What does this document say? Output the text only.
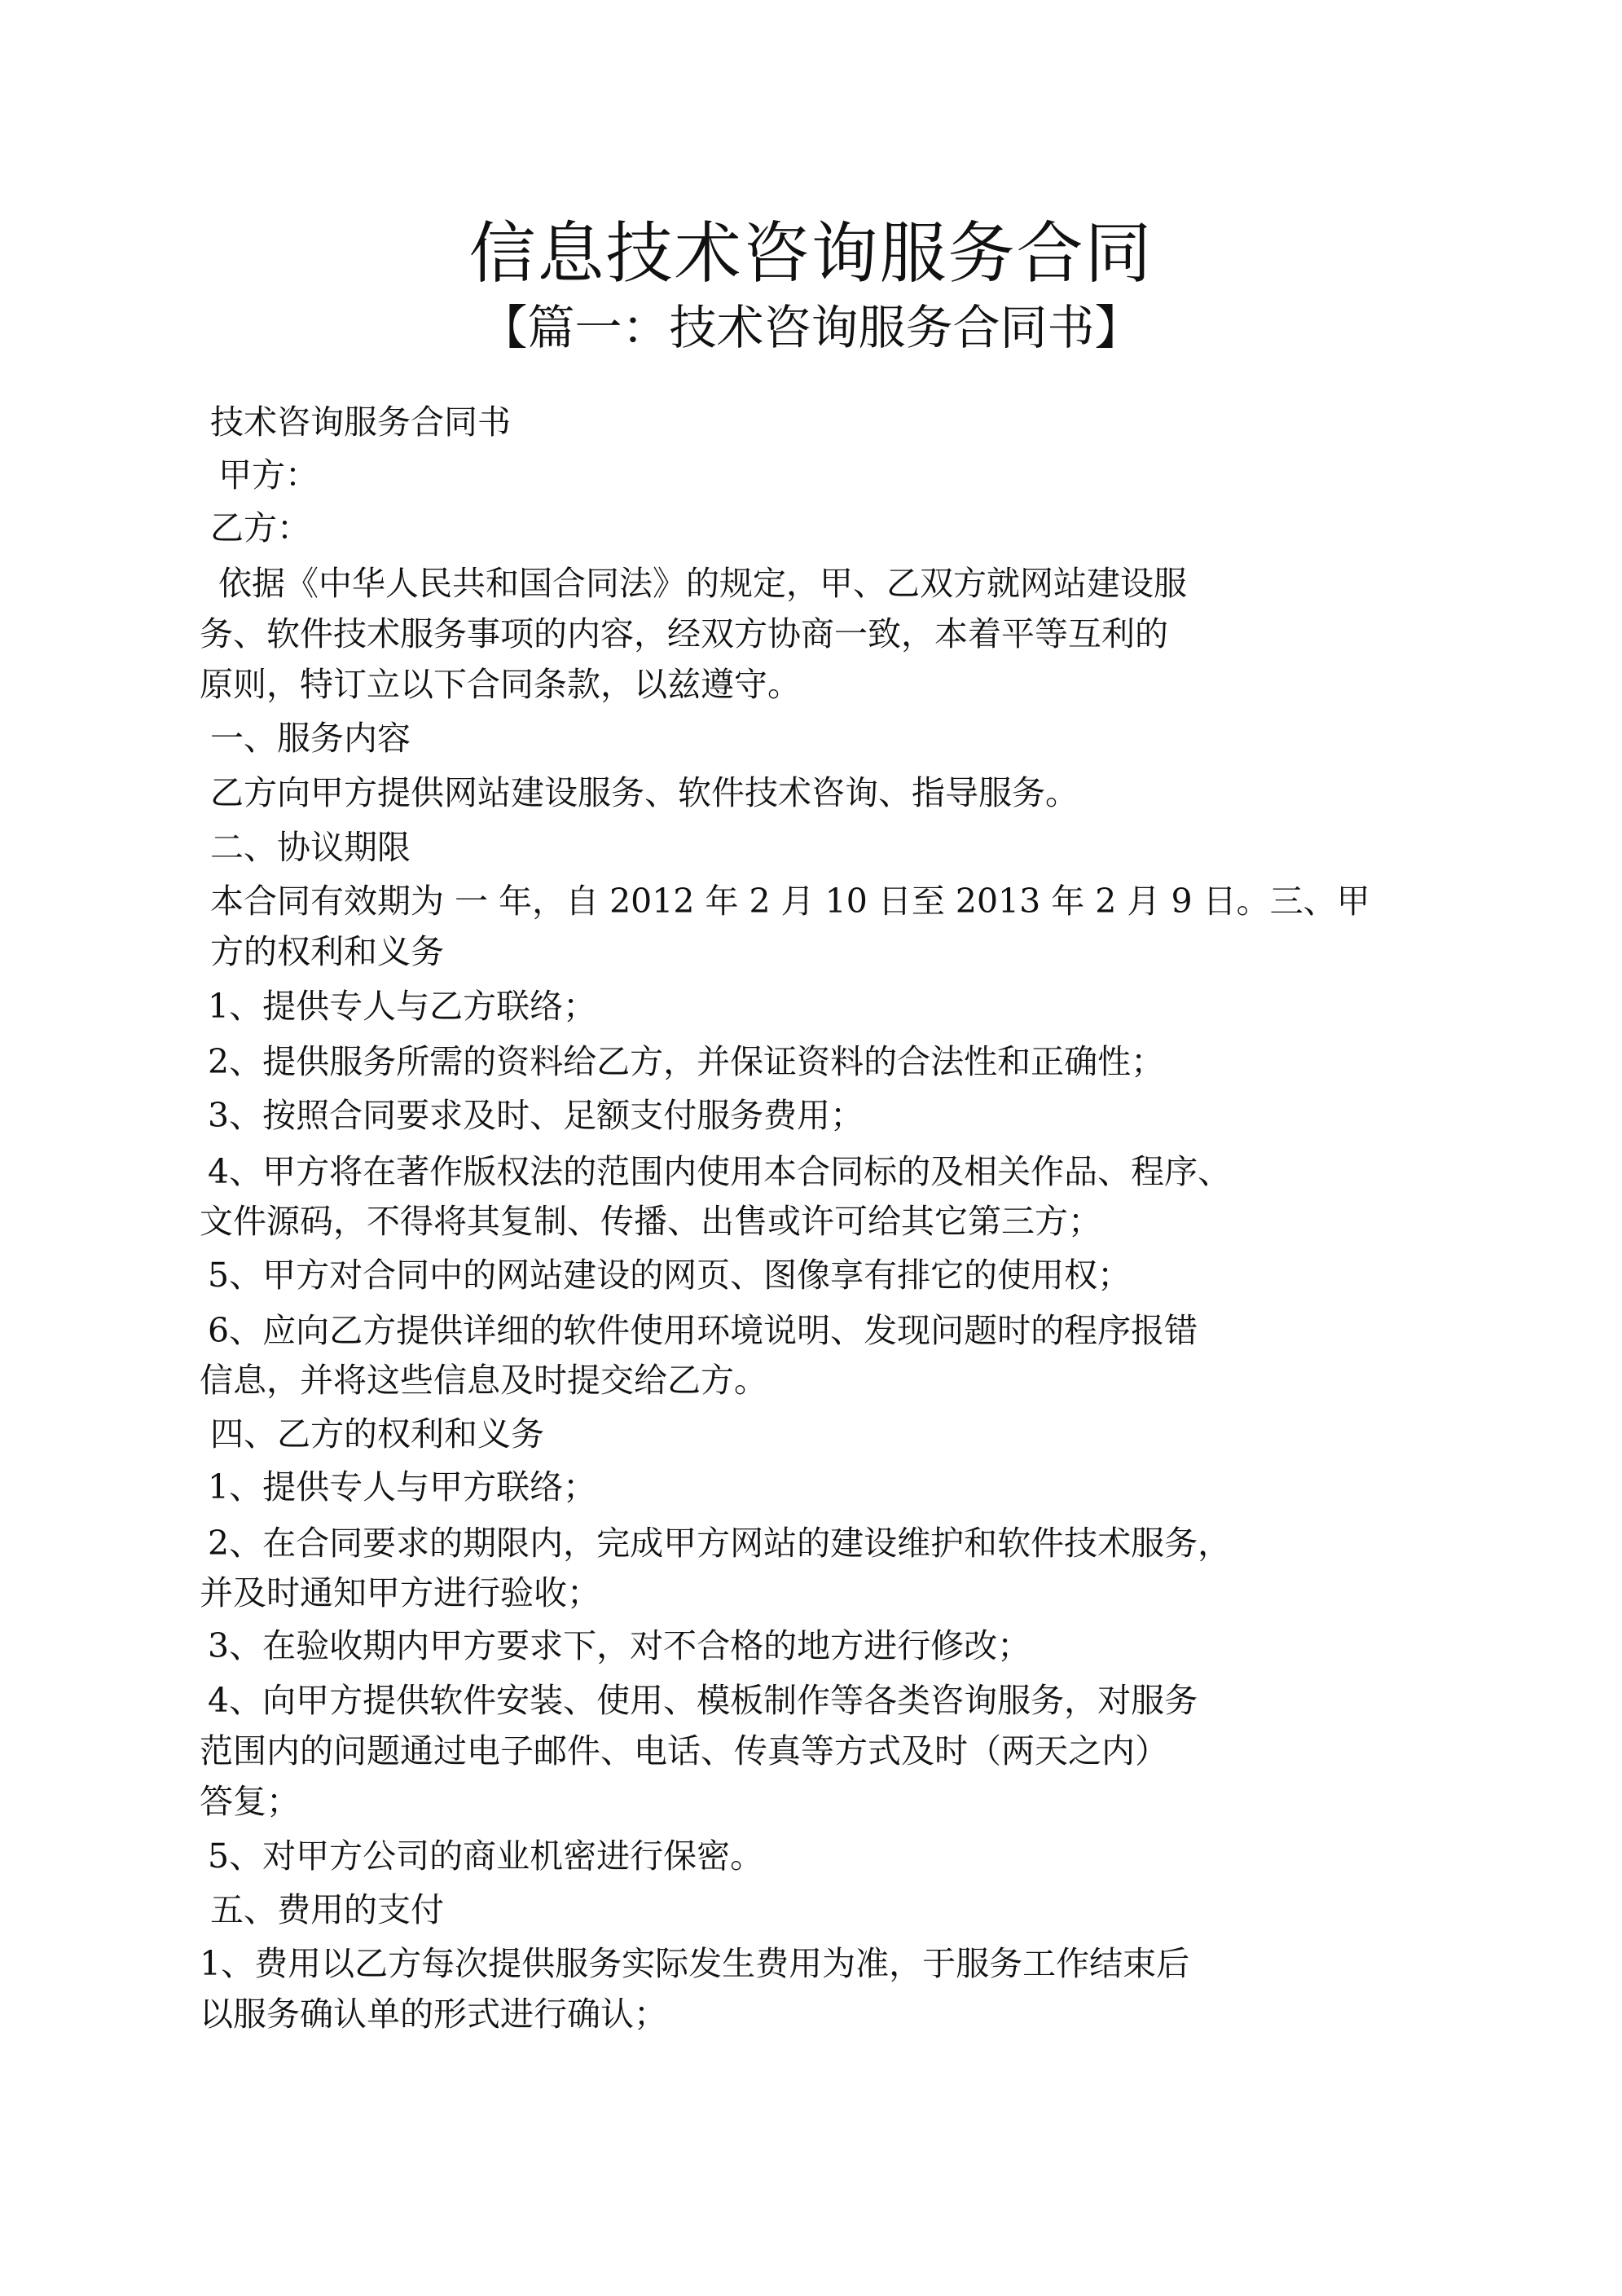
信息技术咨询服务合同
【篇一：技术咨询服务合同书】
技术咨询服务合同书
甲方：
乙方：
依据《中华人民共和国合同法》的规定，甲、乙双方就网站建设服
务、软件技术服务事项的内容，经双方协商一致，本着平等互利的
原则，特订立以下合同条款，以兹遵守。
一、服务内容
乙方向甲方提供网站建设服务、软件技术咨询、指导服务。
二、协议期限
本合同有效期为 一 年，自 2012 年 2 月 10 日至 2013 年 2 月 9 日。三、甲
方的权利和义务
1、提供专人与乙方联络；
2、提供服务所需的资料给乙方，并保证资料的合法性和正确性；
3、按照合同要求及时、足额支付服务费用；
4、甲方将在著作版权法的范围内使用本合同标的及相关作品、程序、
文件源码，不得将其复制、传播、出售或许可给其它第三方；
5、甲方对合同中的网站建设的网页、图像享有排它的使用权；
6、应向乙方提供详细的软件使用环境说明、发现问题时的程序报错
信息，并将这些信息及时提交给乙方。
四、乙方的权利和义务
1、提供专人与甲方联络；
2、在合同要求的期限内，完成甲方网站的建设维护和软件技术服务，
并及时通知甲方进行验收；
3、在验收期内甲方要求下，对不合格的地方进行修改；
4、向甲方提供软件安装、使用、模板制作等各类咨询服务，对服务
范围内的问题通过电子邮件、电话、传真等方式及时（两天之内）
答复；
5、对甲方公司的商业机密进行保密。
五、费用的支付
1、费用以乙方每次提供服务实际发生费用为准，于服务工作结束后
以服务确认单的形式进行确认；
